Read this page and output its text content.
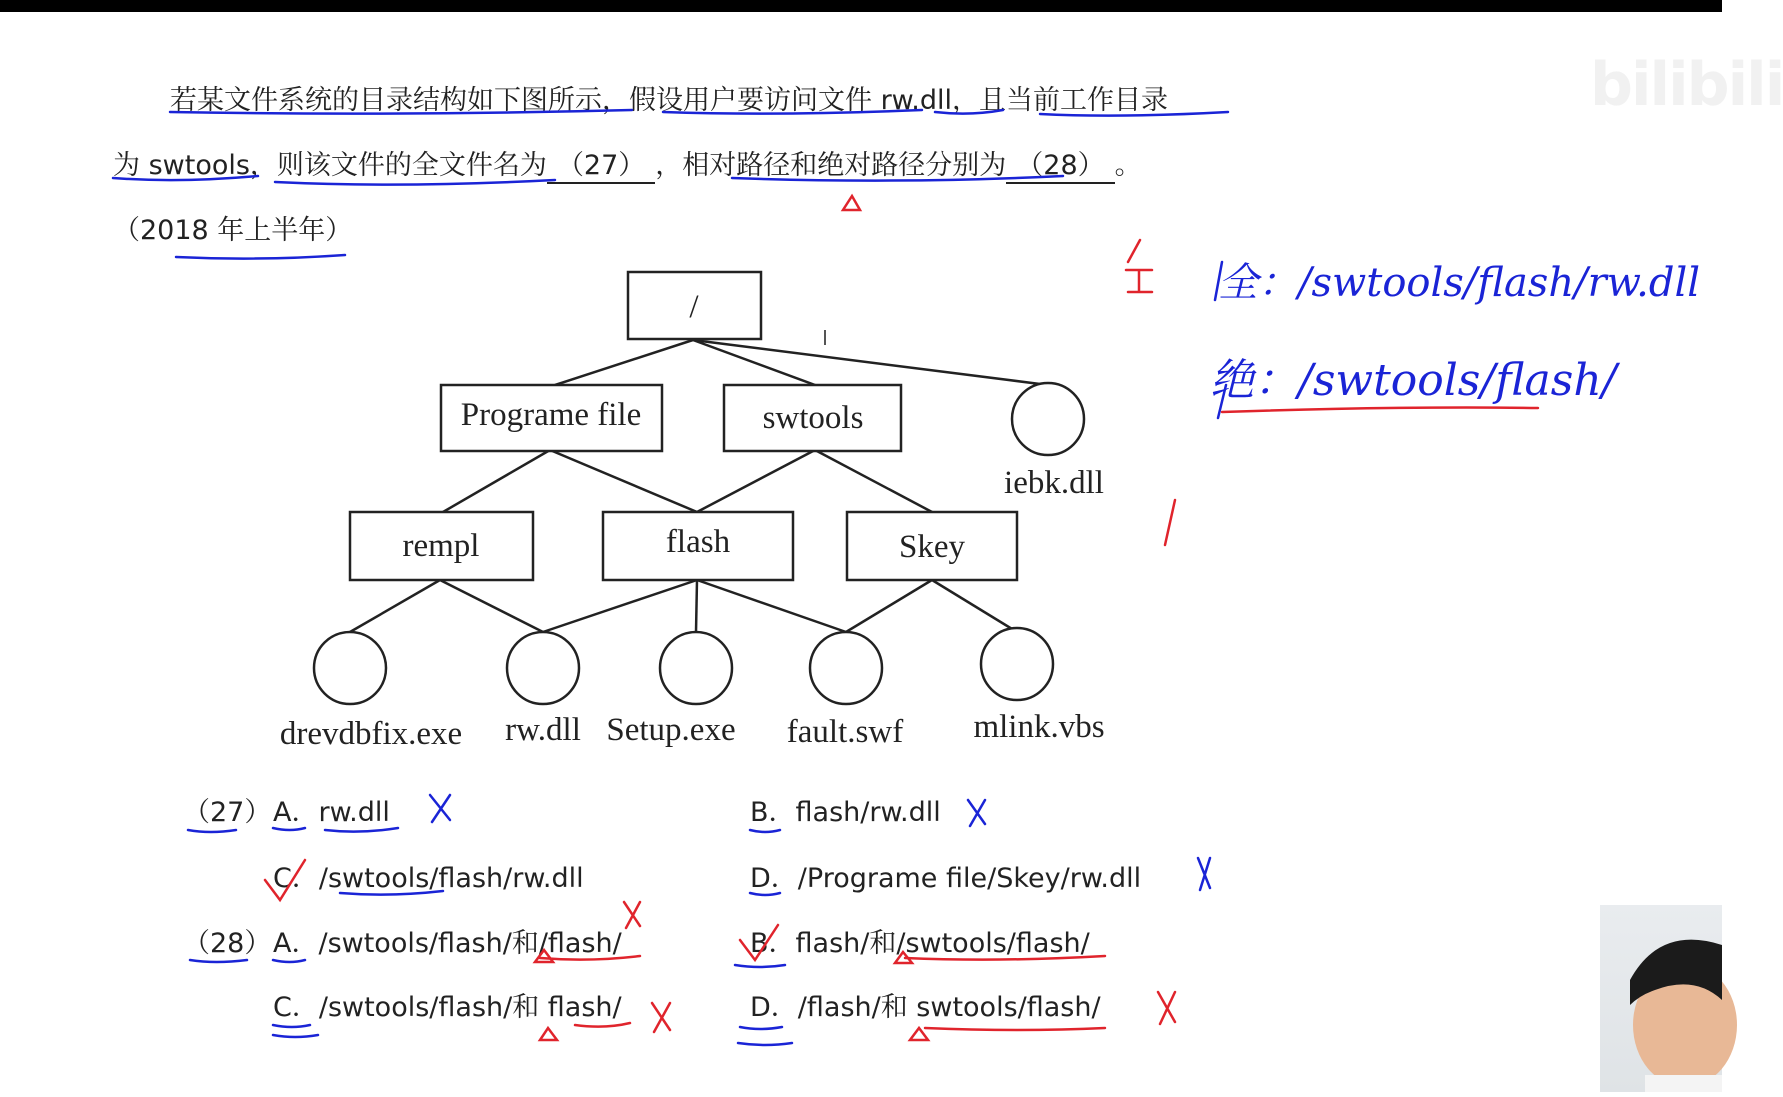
bilibili
若某文件系统的目录结构如下图所示，假设用户要访问文件 rw.dll，且当前工作目录
为 swtools，则该文件的全文件名为 （27） ，相对路径和绝对路径分别为 （28） 。
（2018 年上半年）
/
Programe file	swtools
iebk.dll
rempl	flash	Skey
drevdbfix.exe rw.dll Setup.exe fault.swf mlink.vbs
（27） A．rw.dll	B．flash/rw.dll
C．/swtools/flash/rw.dll	D．/Programe file/Skey/rw.dll
（28） A．/swtools/flash/和/flash/	B．flash/和/swtools/flash/
C．/swtools/flash/和 flash/	D．/flash/和 swtools/flash/
全：/swtools/flash/rw.dll
绝：/swtools/flash/
